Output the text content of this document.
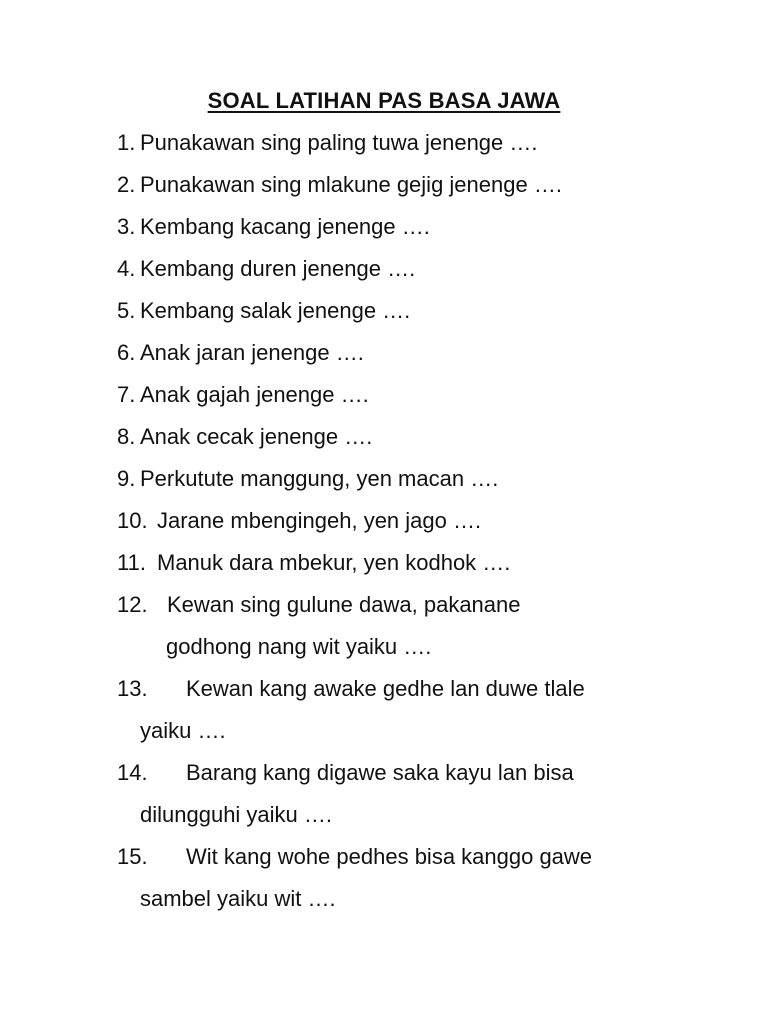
SOAL LATIHAN PAS BASA JAWA
1. Punakawan sing paling tuwa jenenge ….
2. Punakawan sing mlakune gejig jenenge ….
3. Kembang kacang jenenge ….
4. Kembang duren jenenge ….
5. Kembang salak jenenge ….
6. Anak jaran jenenge ….
7. Anak gajah jenenge ….
8. Anak cecak jenenge ….
9. Perkutute manggung, yen macan ….
10. Jarane mbengingeh, yen jago ….
11. Manuk dara mbekur, yen kodhok ….
12. Kewan sing gulune dawa, pakanane
godhong nang wit yaiku ….
13. Kewan kang awake gedhe lan duwe tlale
yaiku ….
14. Barang kang digawe saka kayu lan bisa
dilungguhi yaiku ….
15. Wit kang wohe pedhes bisa kanggo gawe
sambel yaiku wit ….
